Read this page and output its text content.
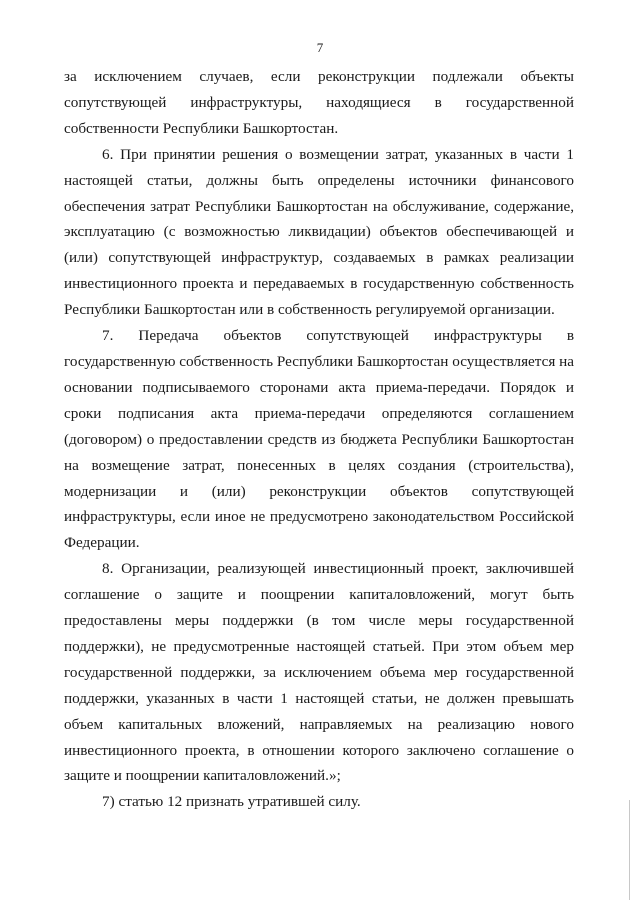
7

за исключением случаев, если реконструкции подлежали объекты сопутствующей инфраструктуры, находящиеся в государственной собственности Республики Башкортостан.

6. При принятии решения о возмещении затрат, указанных в части 1 настоящей статьи, должны быть определены источники финансового обеспечения затрат Республики Башкортостан на обслуживание, содержание, эксплуатацию (с возможностью ликвидации) объектов обеспечивающей и (или) сопутствующей инфраструктур, создаваемых в рамках реализации инвестиционного проекта и передаваемых в государственную собственность Республики Башкортостан или в собственность регулируемой организации.

7. Передача объектов сопутствующей инфраструктуры в государственную собственность Республики Башкортостан осуществляется на основании подписываемого сторонами акта приема-передачи. Порядок и сроки подписания акта приема-передачи определяются соглашением (договором) о предоставлении средств из бюджета Республики Башкортостан на возмещение затрат, понесенных в целях создания (строительства), модернизации и (или) реконструкции объектов сопутствующей инфраструктуры, если иное не предусмотрено законодательством Российской Федерации.

8. Организации, реализующей инвестиционный проект, заключившей соглашение о защите и поощрении капиталовложений, могут быть предоставлены меры поддержки (в том числе меры государственной поддержки), не предусмотренные настоящей статьей. При этом объем мер государственной поддержки, за исключением объема мер государственной поддержки, указанных в части 1 настоящей статьи, не должен превышать объем капитальных вложений, направляемых на реализацию нового инвестиционного проекта, в отношении которого заключено соглашение о защите и поощрении капиталовложений.»;

7) статью 12 признать утратившей силу.
